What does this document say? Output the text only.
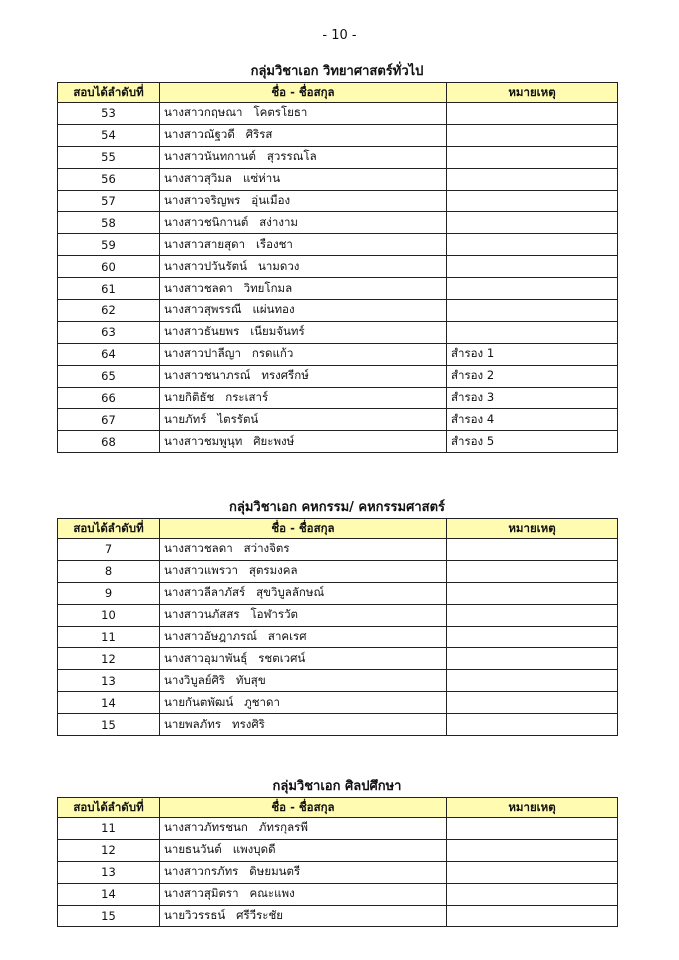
- 10 -
กลุ่มวิชาเอก วิทยาศาสตร์ทั่วไป
สอบได้ลำดับที่	ชื่อ - ชื่อสกุล	หมายเหตุ
53	นางสาวกฤษณา   โคตรโยธา	
54	นางสาวณัฐวดี   ศิริรส	
55	นางสาวนันทกานต์   สุวรรณโล	
56	นางสาวสุวิมล   แซ่ห่าน	
57	นางสาวจริญพร   อุ่นเมือง	
58	นางสาวชนิกานต์   สง่างาม	
59	นางสาวสายสุดา   เรืองชา	
60	นางสาวปวันรัตน์   นามดวง	
61	นางสาวชลดา   วิทยโกมล	
62	นางสาวสุพรรณี   แผ่นทอง	
63	นางสาวธันยพร   เนียมจันทร์	
64	นางสาวปาลีญา   กรดแก้ว	สำรอง 1
65	นางสาวชนาภรณ์   ทรงศรีกษ์	สำรอง 2
66	นายกิติธัช   กระเสาร์	สำรอง 3
67	นายภัทร์   ไตรรัตน์	สำรอง 4
68	นางสาวชมพูนุท   ศิยะพงษ์	สำรอง 5
กลุ่มวิชาเอก คหกรรม/ คหกรรมศาสตร์
สอบได้ลำดับที่	ชื่อ - ชื่อสกุล	หมายเหตุ
7	นางสาวชลดา   สว่างจิตร	
8	นางสาวแพรวา   สุตรมงคล	
9	นางสาวลีลาภัสร์   สุขวิบูลลักษณ์	
10	นางสาวนภัสสร   โอฬารวัต	
11	นางสาวอัษฎาภรณ์   สาคเรศ	
12	นางสาวอุมาพันธุ์   รชตเวศน์	
13	นางวิบูลย์ศิริ   ทับสุข	
14	นายกันตพัฒน์   ภูชาดา	
15	นายพลภัทร   ทรงศิริ	
กลุ่มวิชาเอก ศิลปศึกษา
สอบได้ลำดับที่	ชื่อ - ชื่อสกุล	หมายเหตุ
11	นางสาวภัทรชนก   ภัทรกุลรพี	
12	นายธนวันต์   แพงบุดดี	
13	นางสาวกรภัทร   ดิษยมนตรี	
14	นางสาวสุมิตรา   คณะแพง	
15	นายวิวรรธน์   ศรีวีระชัย	
